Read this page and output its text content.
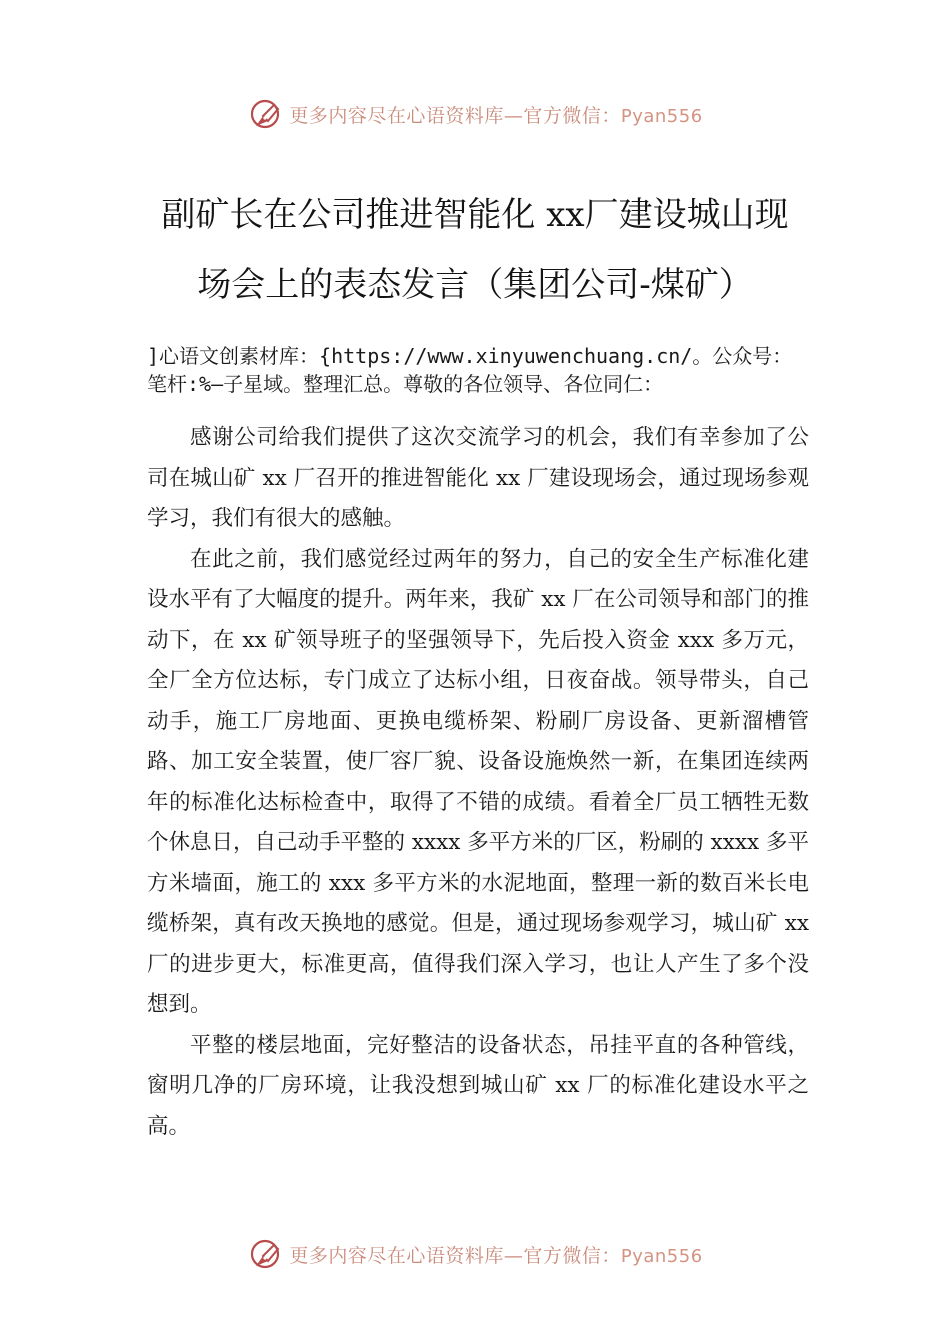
更多内容尽在心语资料库—官方微信：Pyan556
副矿长在公司推进智能化 xx厂建设城山现
场会上的表态发言（集团公司-煤矿）

]心语文创素材库：{https://www.xinyuwenchuang.cn/。公众号：笔杆:%—子星域。整理汇总。尊敬的各位领导、各位同仁：

感谢公司给我们提供了这次交流学习的机会，我们有幸参加了公司在城山矿 xx 厂召开的推进智能化 xx 厂建设现场会，通过现场参观学习，我们有很大的感触。

在此之前，我们感觉经过两年的努力，自己的安全生产标准化建设水平有了大幅度的提升。两年来，我矿 xx 厂在公司领导和部门的推动下，在 xx 矿领导班子的坚强领导下，先后投入资金 xxx 多万元，全厂全方位达标，专门成立了达标小组，日夜奋战。领导带头，自己动手，施工厂房地面、更换电缆桥架、粉刷厂房设备、更新溜槽管路、加工安全装置，使厂容厂貌、设备设施焕然一新，在集团连续两年的标准化达标检查中，取得了不错的成绩。看着全厂员工牺牲无数个休息日，自己动手平整的 xxxx 多平方米的厂区，粉刷的 xxxx 多平方米墙面，施工的 xxx 多平方米的水泥地面，整理一新的数百米长电缆桥架，真有改天换地的感觉。但是，通过现场参观学习，城山矿 xx 厂的进步更大，标准更高，值得我们深入学习，也让人产生了多个没想到。

平整的楼层地面，完好整洁的设备状态，吊挂平直的各种管线，窗明几净的厂房环境，让我没想到城山矿 xx 厂的标准化建设水平之高。

更多内容尽在心语资料库—官方微信：Pyan556
